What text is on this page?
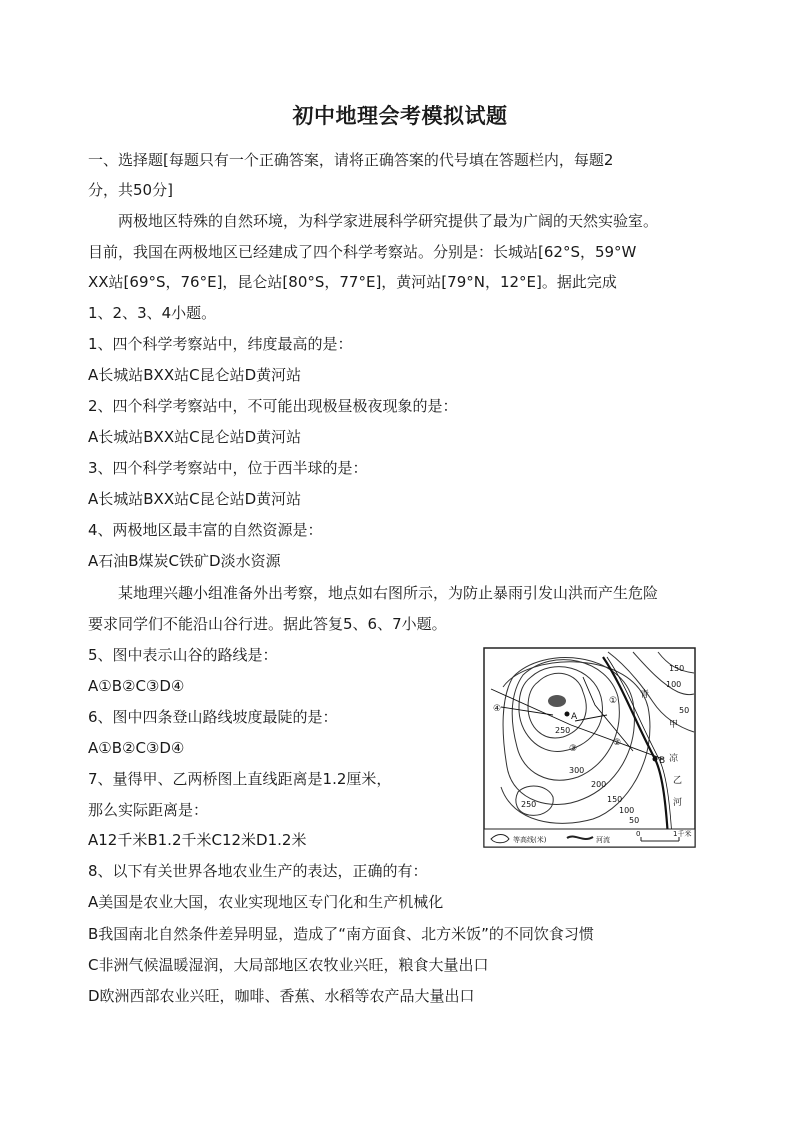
初中地理会考模拟试题
一、选择题[每题只有一个正确答案，请将正确答案的代号填在答题栏内，每题2
分，共50分]
两极地区特殊的自然环境，为科学家进展科学研究提供了最为广阔的天然实验室。
目前，我国在两极地区已经建成了四个科学考察站。分别是：长城站[62°S，59°W
XX站[69°S，76°E]，昆仑站[80°S，77°E]，黄河站[79°N，12°E]。据此完成
1、2、3、4小题。
1、四个科学考察站中，纬度最高的是：
A长城站BXX站C昆仑站D黄河站
2、四个科学考察站中，不可能出现极昼极夜现象的是：
A长城站BXX站C昆仑站D黄河站
3、四个科学考察站中，位于西半球的是：
A长城站BXX站C昆仑站D黄河站
4、两极地区最丰富的自然资源是：
A石油B煤炭C铁矿D淡水资源
某地理兴趣小组准备外出考察，地点如右图所示，为防止暴雨引发山洪而产生危险
要求同学们不能沿山谷行进。据此答复5、6、7小题。
5、图中表示山谷的路线是：
A①B②C③D④
6、图中四条登山路线坡度最陡的是：
A①B②C③D④
7、量得甲、乙两桥图上直线距离是1.2厘米，
那么实际距离是：
A12千米B1.2千米C12米D1.2米
8、以下有关世界各地农业生产的表达，正确的有：
A美国是农业大国，农业实现地区专门化和生产机械化
B我国南北自然条件差异明显，造成了“南方面食、北方米饭”的不同饮食习惯
C非洲气候温暖湿润，大局部地区农牧业兴旺，粮食大量出口
D欧洲西部农业兴旺，咖啡、香蕉、水稻等农产品大量出口
250
250
300
200
150
100
50
150
100
50
A
B
①
②
③
④
青
甲
凉
乙
河
等高线(米)	河流
0	1千米
